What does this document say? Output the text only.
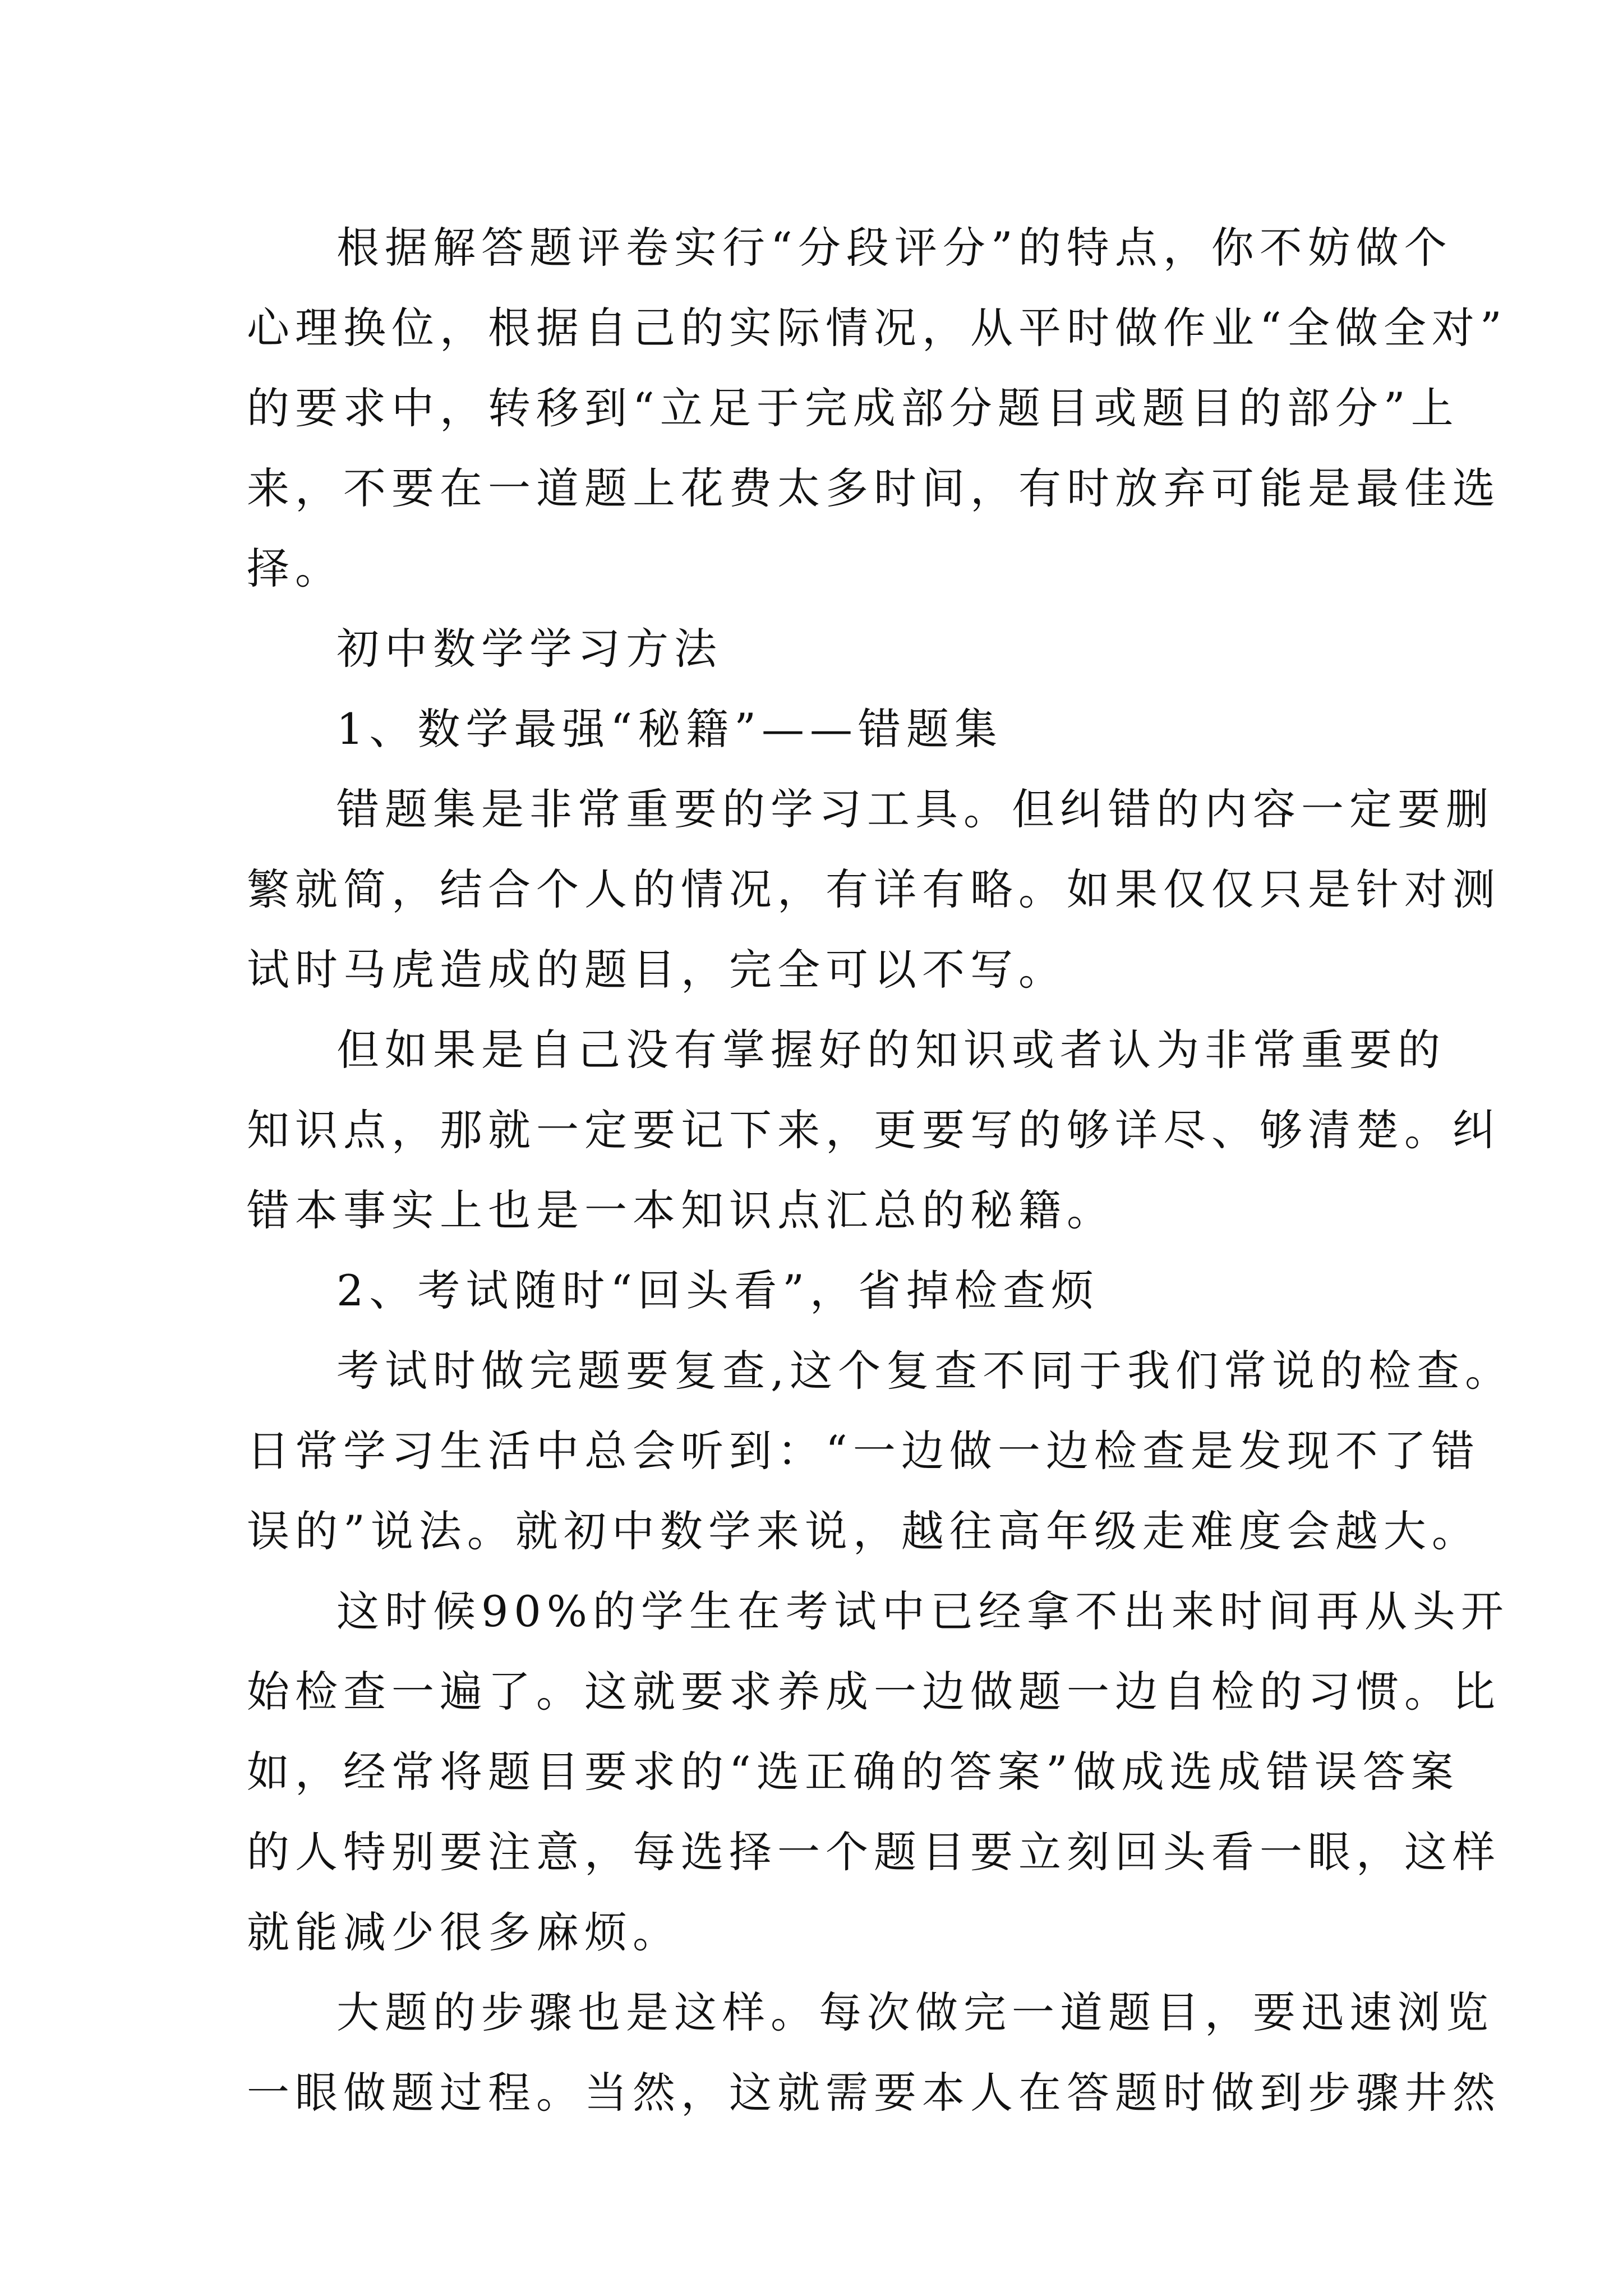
根据解答题评卷实行“分段评分”的特点，你不妨做个
心理换位，根据自己的实际情况，从平时做作业“全做全对”
的要求中，转移到“立足于完成部分题目或题目的部分”上
来，不要在一道题上花费太多时间，有时放弃可能是最佳选
择。
初中数学学习方法
1、数学最强“秘籍”——错题集
错题集是非常重要的学习工具。但纠错的内容一定要删
繁就简，结合个人的情况，有详有略。如果仅仅只是针对测
试时马虎造成的题目，完全可以不写。
但如果是自己没有掌握好的知识或者认为非常重要的
知识点，那就一定要记下来，更要写的够详尽、够清楚。纠
错本事实上也是一本知识点汇总的秘籍。
2、考试随时“回头看”，省掉检查烦
考试时做完题要复查,这个复查不同于我们常说的检查。
日常学习生活中总会听到：“一边做一边检查是发现不了错
误的”说法。就初中数学来说，越往高年级走难度会越大。
这时候90%的学生在考试中已经拿不出来时间再从头开
始检查一遍了。这就要求养成一边做题一边自检的习惯。比
如，经常将题目要求的“选正确的答案”做成选成错误答案
的人特别要注意，每选择一个题目要立刻回头看一眼，这样
就能减少很多麻烦。
大题的步骤也是这样。每次做完一道题目，要迅速浏览
一眼做题过程。当然，这就需要本人在答题时做到步骤井然
